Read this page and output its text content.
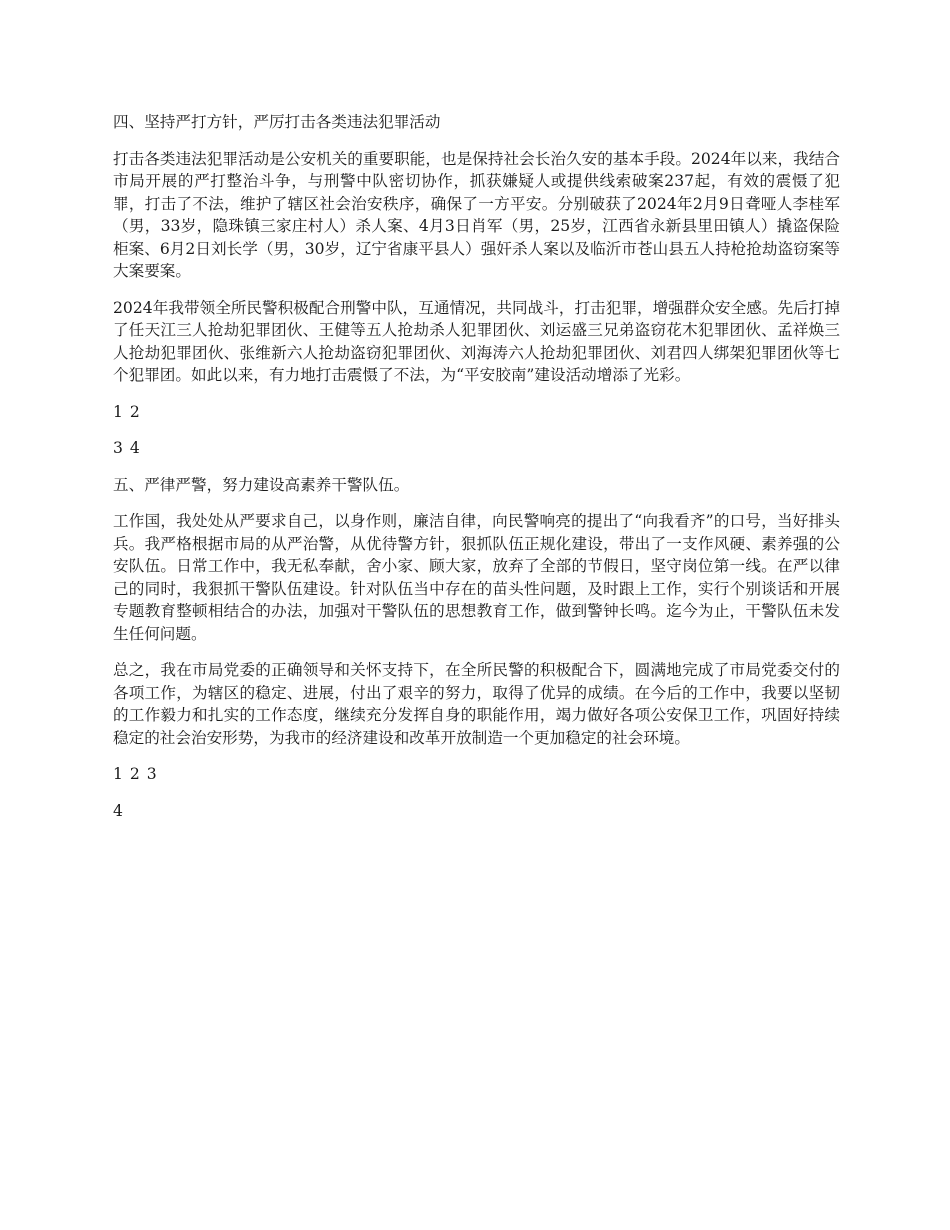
四、坚持严打方针，严厉打击各类违法犯罪活动
打击各类违法犯罪活动是公安机关的重要职能，也是保持社会长治久安的基本手段。2024年以来，我结合市局开展的严打整治斗争，与刑警中队密切协作，抓获嫌疑人或提供线索破案237起，有效的震慑了犯罪，打击了不法，维护了辖区社会治安秩序，确保了一方平安。分别破获了2024年2月9日聋哑人李桂军（男，33岁，隐珠镇三家庄村人）杀人案、4月3日肖军（男，25岁，江西省永新县里田镇人）撬盗保险柜案、6月2日刘长学（男，30岁，辽宁省康平县人）强奸杀人案以及临沂市苍山县五人持枪抢劫盗窃案等大案要案。
2024年我带领全所民警积极配合刑警中队，互通情况，共同战斗，打击犯罪，增强群众安全感。先后打掉了任天江三人抢劫犯罪团伙、王健等五人抢劫杀人犯罪团伙、刘运盛三兄弟盗窃花木犯罪团伙、孟祥焕三人抢劫犯罪团伙、张维新六人抢劫盗窃犯罪团伙、刘海涛六人抢劫犯罪团伙、刘君四人绑架犯罪团伙等七个犯罪团。如此以来，有力地打击震慑了不法，为“平安胶南”建设活动增添了光彩。
1 2
3 4
五、严律严警，努力建设高素养干警队伍。
工作国，我处处从严要求自己，以身作则，廉洁自律，向民警响亮的提出了“向我看齐”的口号，当好排头兵。我严格根据市局的从严治警，从优待警方针，狠抓队伍正规化建设，带出了一支作风硬、素养强的公安队伍。日常工作中，我无私奉献，舍小家、顾大家，放弃了全部的节假日，坚守岗位第一线。在严以律己的同时，我狠抓干警队伍建设。针对队伍当中存在的苗头性问题，及时跟上工作，实行个别谈话和开展专题教育整顿相结合的办法，加强对干警队伍的思想教育工作，做到警钟长鸣。迄今为止，干警队伍未发生任何问题。
总之，我在市局党委的正确领导和关怀支持下，在全所民警的积极配合下，圆满地完成了市局党委交付的各项工作，为辖区的稳定、进展，付出了艰辛的努力，取得了优异的成绩。在今后的工作中，我要以坚韧的工作毅力和扎实的工作态度，继续充分发挥自身的职能作用，竭力做好各项公安保卫工作，巩固好持续稳定的社会治安形势，为我市的经济建设和改革开放制造一个更加稳定的社会环境。
1 2 3
4
